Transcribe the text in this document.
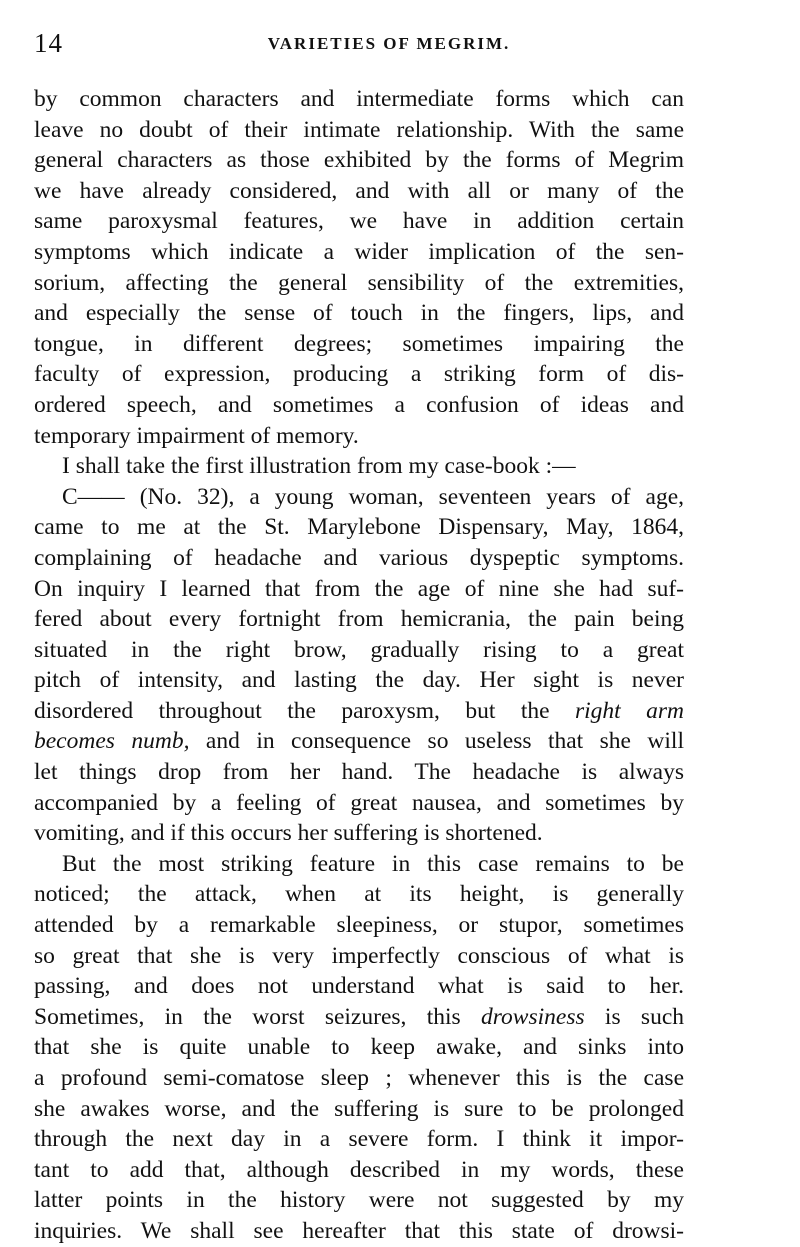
14	VARIETIES OF MEGRIM.
by common characters and intermediate forms which can
leave no doubt of their intimate relationship. With the same
general characters as those exhibited by the forms of Megrim
we have already considered, and with all or many of the
same paroxysmal features, we have in addition certain
symptoms which indicate a wider implication of the sen-
sorium, affecting the general sensibility of the extremities,
and especially the sense of touch in the fingers, lips, and
tongue, in different degrees; sometimes impairing the
faculty of expression, producing a striking form of dis-
ordered speech, and sometimes a confusion of ideas and
temporary impairment of memory.
I shall take the first illustration from my case-book :—
C—— (No. 32), a young woman, seventeen years of age,
came to me at the St. Marylebone Dispensary, May, 1864,
complaining of headache and various dyspeptic symptoms.
On inquiry I learned that from the age of nine she had suf-
fered about every fortnight from hemicrania, the pain being
situated in the right brow, gradually rising to a great
pitch of intensity, and lasting the day. Her sight is never
disordered throughout the paroxysm, but the right arm
becomes numb, and in consequence so useless that she will
let things drop from her hand. The headache is always
accompanied by a feeling of great nausea, and sometimes by
vomiting, and if this occurs her suffering is shortened.
But the most striking feature in this case remains to be
noticed; the attack, when at its height, is generally
attended by a remarkable sleepiness, or stupor, sometimes
so great that she is very imperfectly conscious of what is
passing, and does not understand what is said to her.
Sometimes, in the worst seizures, this drowsiness is such
that she is quite unable to keep awake, and sinks into
a profound semi-comatose sleep ; whenever this is the case
she awakes worse, and the suffering is sure to be prolonged
through the next day in a severe form. I think it impor-
tant to add that, although described in my words, these
latter points in the history were not suggested by my
inquiries. We shall see hereafter that this state of drowsi-
